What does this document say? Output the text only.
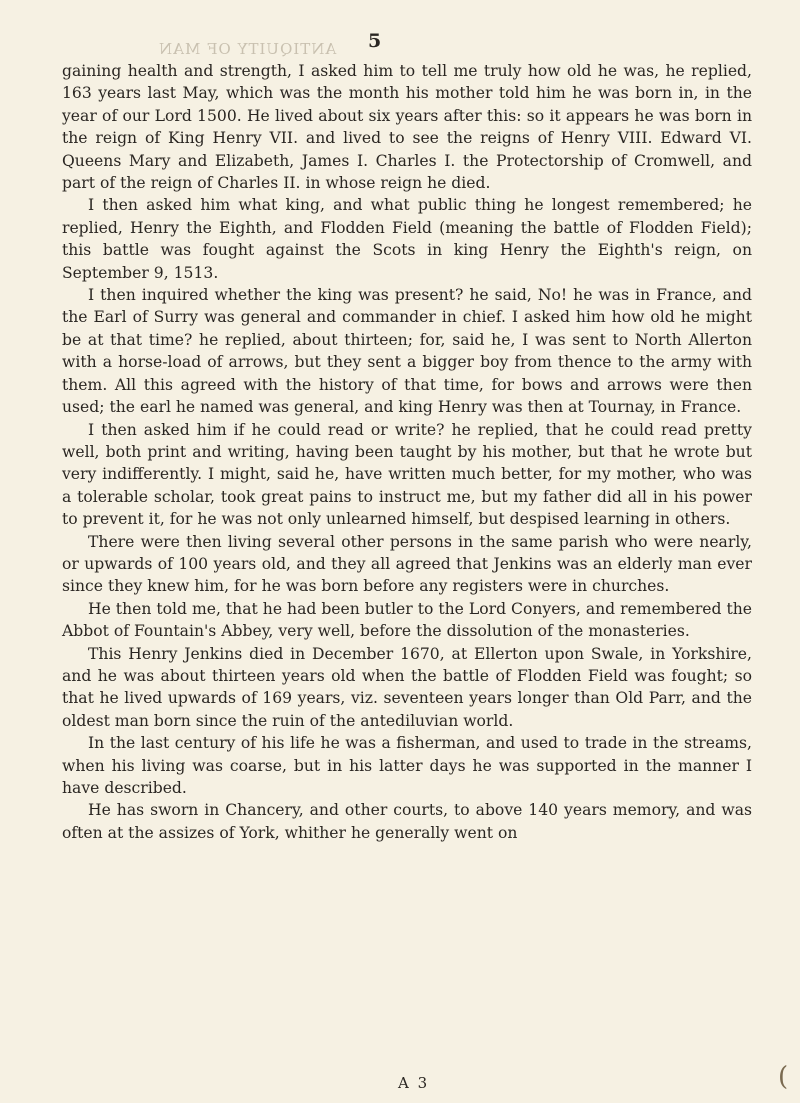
ANTIQUITY OF MAN 5

gaining health and strength, I asked him to tell me truly how old he was, he replied, 163 years last May, which was the month his mother told him he was born in, in the year of our Lord 1500. He lived about six years after this: so it appears he was born in the reign of King Henry VII. and lived to see the reigns of Henry VIII. Edward VI. Queens Mary and Elizabeth, James I. Charles I. the Protectorship of Cromwell, and part of the reign of Charles II. in whose reign he died.

I then asked him what king, and what public thing he longest remembered; he replied, Henry the Eighth, and Flodden Field (meaning the battle of Flodden Field); this battle was fought against the Scots in king Henry the Eighth's reign, on September 9, 1513.

I then inquired whether the king was present? he said, No! he was in France, and the Earl of Surry was general and commander in chief. I asked him how old he might be at that time? he replied, about thirteen; for, said he, I was sent to North Allerton with a horse-load of arrows, but they sent a bigger boy from thence to the army with them. All this agreed with the history of that time, for bows and arrows were then used; the earl he named was general, and king Henry was then at Tournay, in France.

I then asked him if he could read or write? he replied, that he could read pretty well, both print and writing, having been taught by his mother, but that he wrote but very indifferently. I might, said he, have written much better, for my mother, who was a tolerable scholar, took great pains to instruct me, but my father did all in his power to prevent it, for he was not only unlearned himself, but despised learning in others.

There were then living several other persons in the same parish who were nearly, or upwards of 100 years old, and they all agreed that Jenkins was an elderly man ever since they knew him, for he was born before any registers were in churches.

He then told me, that he had been butler to the Lord Conyers, and remembered the Abbot of Fountain's Abbey, very well, before the dissolution of the monasteries.

This Henry Jenkins died in December 1670, at Ellerton upon Swale, in Yorkshire, and he was about thirteen years old when the battle of Flodden Field was fought; so that he lived upwards of 169 years, viz. seventeen years longer than Old Parr, and the oldest man born since the ruin of the antediluvian world.

In the last century of his life he was a fisherman, and used to trade in the streams, when his living was coarse, but in his latter days he was supported in the manner I have described.

He has sworn in Chancery, and other courts, to above 140 years memory, and was often at the assizes of York, whither he generally went on

A 3	(
